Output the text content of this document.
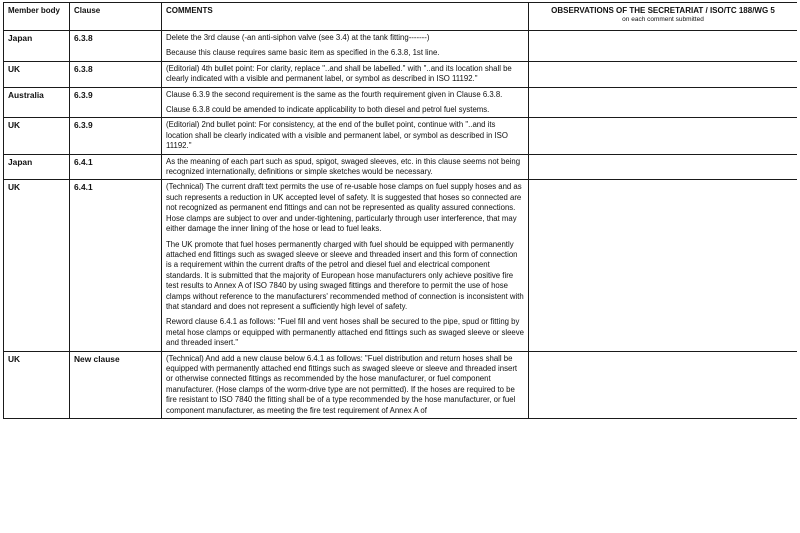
Member body	Clause	COMMENTS	OBSERVATIONS OF THE SECRETARIAT / ISO/TC 188/WG 5
on each comment submitted

Japan	6.3.8	Delete the 3rd clause (-an anti-siphon valve (see 3.4) at the tank fitting-------)

Because this clause requires same basic item as specified in the 6.3.8, 1st line.	

UK	6.3.8	(Editorial) 4th bullet point: For clarity, replace "..and shall be labelled." with "..and its location shall be clearly indicated with a visible and permanent label, or symbol as described in ISO 11192."	

Australia	6.3.9	Clause 6.3.9 the second requirement is the same as the fourth requirement given in Clause 6.3.8.

Clause 6.3.8 could be amended to indicate applicability to both diesel and petrol fuel systems.	

UK	6.3.9	(Editorial) 2nd bullet point: For consistency, at the end of the bullet point, continue with "..and its location shall be clearly indicated with a visible and permanent label, or symbol as described in ISO 11192."	

Japan	6.4.1	As the meaning of each part such as spud, spigot, swaged sleeves, etc. in this clause seems not being recognized internationally, definitions or simple sketches would be necessary.	

UK	6.4.1	(Technical) The current draft text permits the use of re-usable hose clamps on fuel supply hoses and as such represents a reduction in UK accepted level of safety. It is suggested that hoses so connected are not recognized as permanent end fittings and can not be represented as quality assured connections. Hose clamps are subject to over and under-tightening, particularly through user interference, that may either damage the inner lining of the hose or lead to fuel leaks.

The UK promote that fuel hoses permanently charged with fuel should be equipped with permanently attached end fittings such as swaged sleeve or sleeve and threaded insert and this form of connection is a requirement within the current drafts of the petrol and diesel fuel and electrical component standards. It is submitted that the majority of European hose manufacturers only achieve positive fire test results to Annex A of ISO 7840 by using swaged fittings and therefore to permit the use of hose clamps without reference to the manufacturers' recommended method of connection is inconsistent with that standard and does not represent a sufficiently high level of safety.

Reword clause 6.4.1 as follows: "Fuel fill and vent hoses shall be secured to the pipe, spud or fitting by metal hose clamps or equipped with permanently attached end fittings such as swaged sleeve or sleeve and threaded insert."	

UK	New clause	(Technical) And add a new clause below 6.4.1 as follows: "Fuel distribution and return hoses shall be equipped with permanently attached end fittings such as swaged sleeve or sleeve and threaded insert or otherwise connected fittings as recommended by the hose manufacturer, or fuel component manufacturer. (Hose clamps of the worm-drive type are not permitted). If the hoses are required to be fire resistant to ISO 7840 the fitting shall be of a type recommended by the hose manufacturer, or fuel component manufacturer, as meeting the fire test requirement of Annex A of	
